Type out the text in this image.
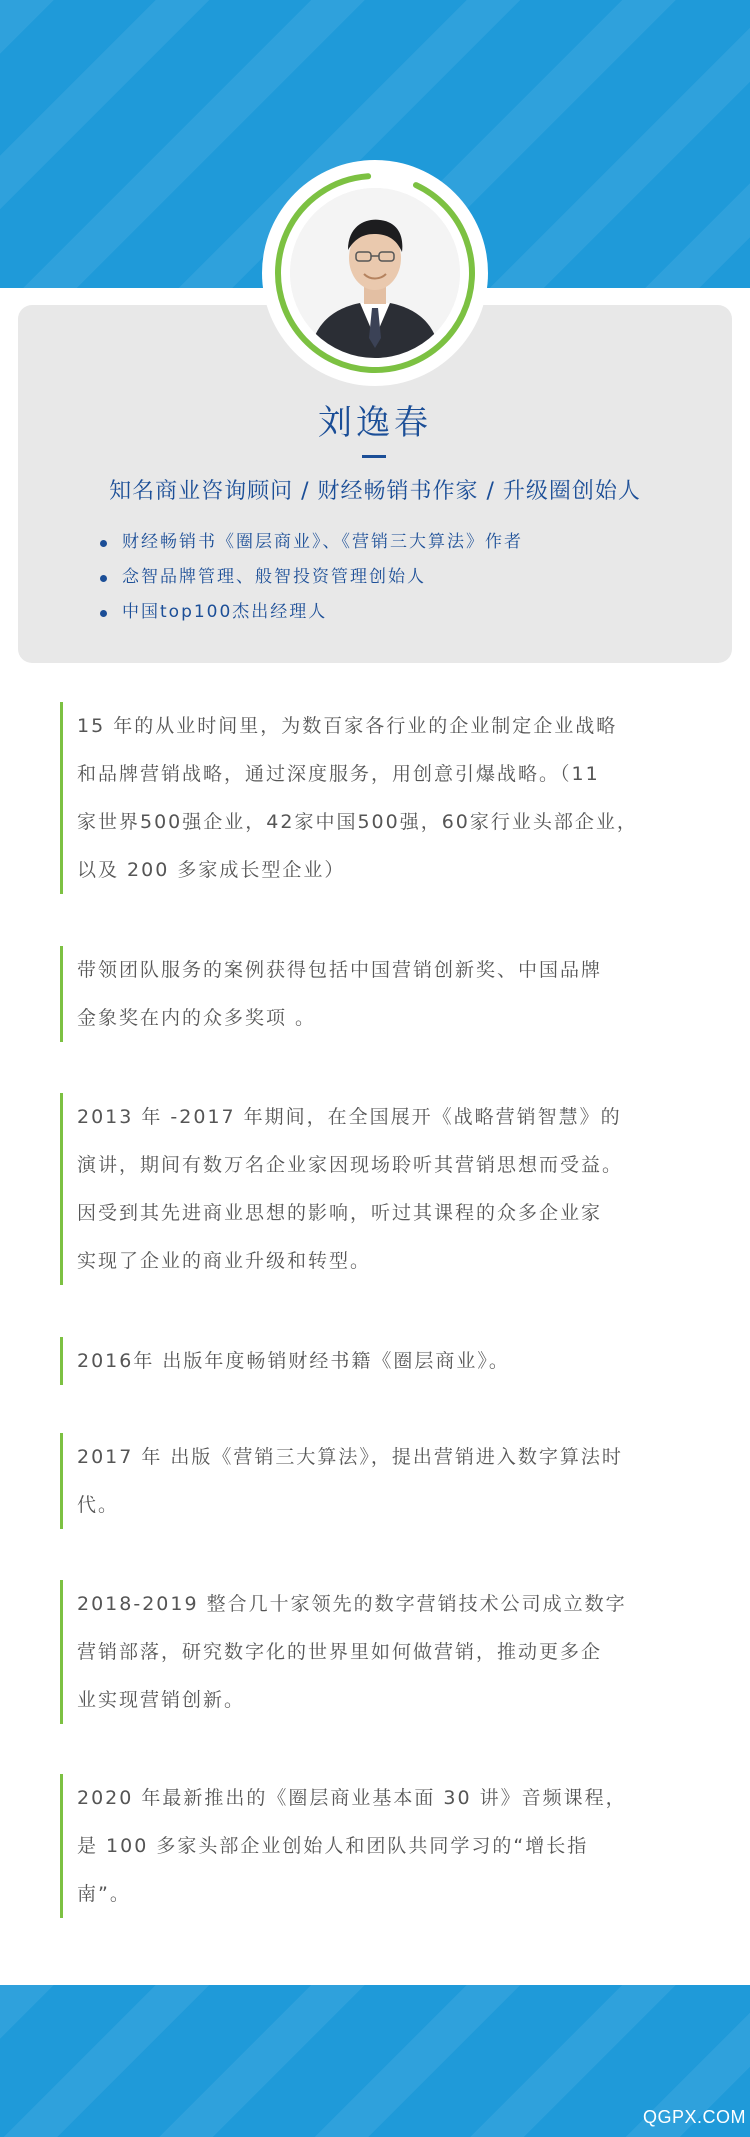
刘逸春
知名商业咨询顾问 / 财经畅销书作家 / 升级圈创始人
财经畅销书《圈层商业》、《营销三大算法》作者
念智品牌管理、般智投资管理创始人
中国top100杰出经理人
15 年的从业时间里，为数百家各行业的企业制定企业战略
和品牌营销战略，通过深度服务，用创意引爆战略。（11
家世界500强企业，42家中国500强，60家行业头部企业，
以及 200 多家成长型企业）
带领团队服务的案例获得包括中国营销创新奖、中国品牌
金象奖在内的众多奖项 。
2013 年 -2017 年期间，在全国展开《战略营销智慧》的
演讲，期间有数万名企业家因现场聆听其营销思想而受益。
因受到其先进商业思想的影响，听过其课程的众多企业家
实现了企业的商业升级和转型。
2016年 出版年度畅销财经书籍《圈层商业》。
2017 年 出版《营销三大算法》，提出营销进入数字算法时
代。
2018-2019 整合几十家领先的数字营销技术公司成立数字
营销部落，研究数字化的世界里如何做营销，推动更多企
业实现营销创新。
2020 年最新推出的《圈层商业基本面 30 讲》音频课程，
是 100 多家头部企业创始人和团队共同学习的“增长指
南”。
QGPX.COM
